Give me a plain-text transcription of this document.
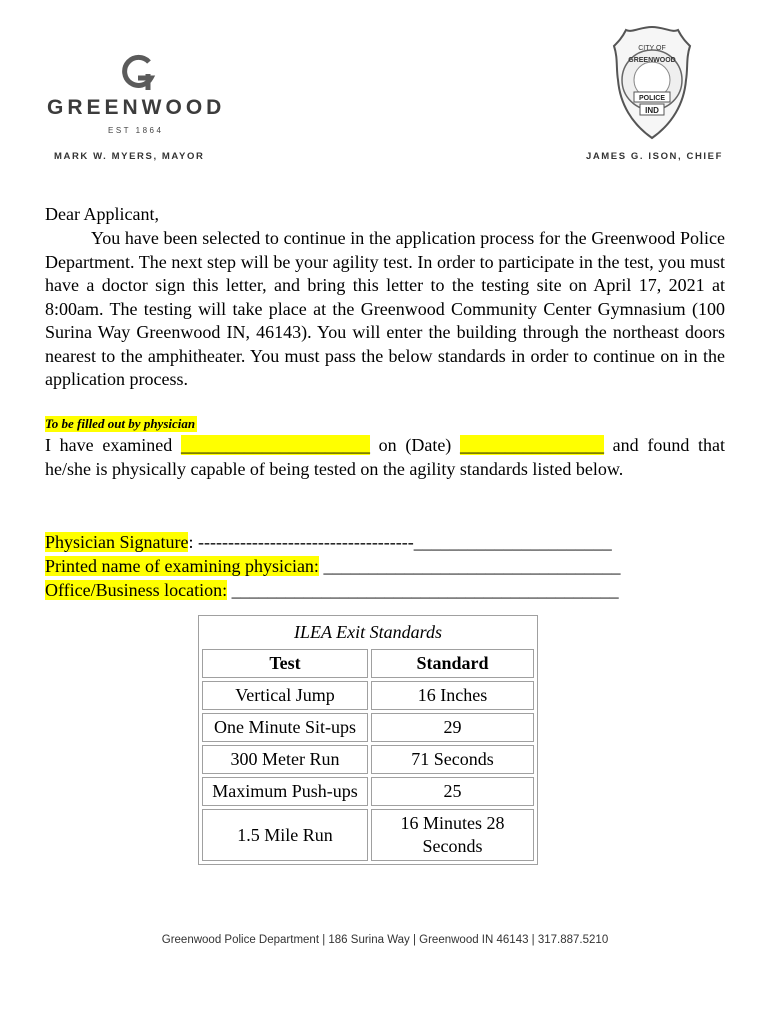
GREENWOOD
EST 1864
MARK W. MYERS, MAYOR	JAMES G. ISON, CHIEF
CITY OF
GREENWOOD
POLICE
IND
Dear Applicant,
You have been selected to continue in the application process for the Greenwood Police Department. The next step will be your agility test. In order to participate in the test, you must have a doctor sign this letter, and bring this letter to the testing site on April 17, 2021 at 8:00am. The testing will take place at the Greenwood Community Center Gymnasium (100 Surina Way Greenwood IN, 46143). You will enter the building through the northeast doors nearest to the amphitheater. You must pass the below standards in order to continue on in the application process.
To be filled out by physician
I have examined _____________________ on (Date) ________________ and found that he/she is physically capable of being tested on the agility standards listed below.
Physician Signature: ------------------------------------______________________
Printed name of examining physician: _________________________________
Office/Business location: ___________________________________________
ILEA Exit Standards	
Test	Standard
Vertical Jump	16 Inches
One Minute Sit-ups	29
300 Meter Run	71 Seconds
Maximum Push-ups	25
1.5 Mile Run	16 Minutes 28 Seconds
Greenwood Police Department | 186 Surina Way | Greenwood IN 46143 | 317.887.5210
